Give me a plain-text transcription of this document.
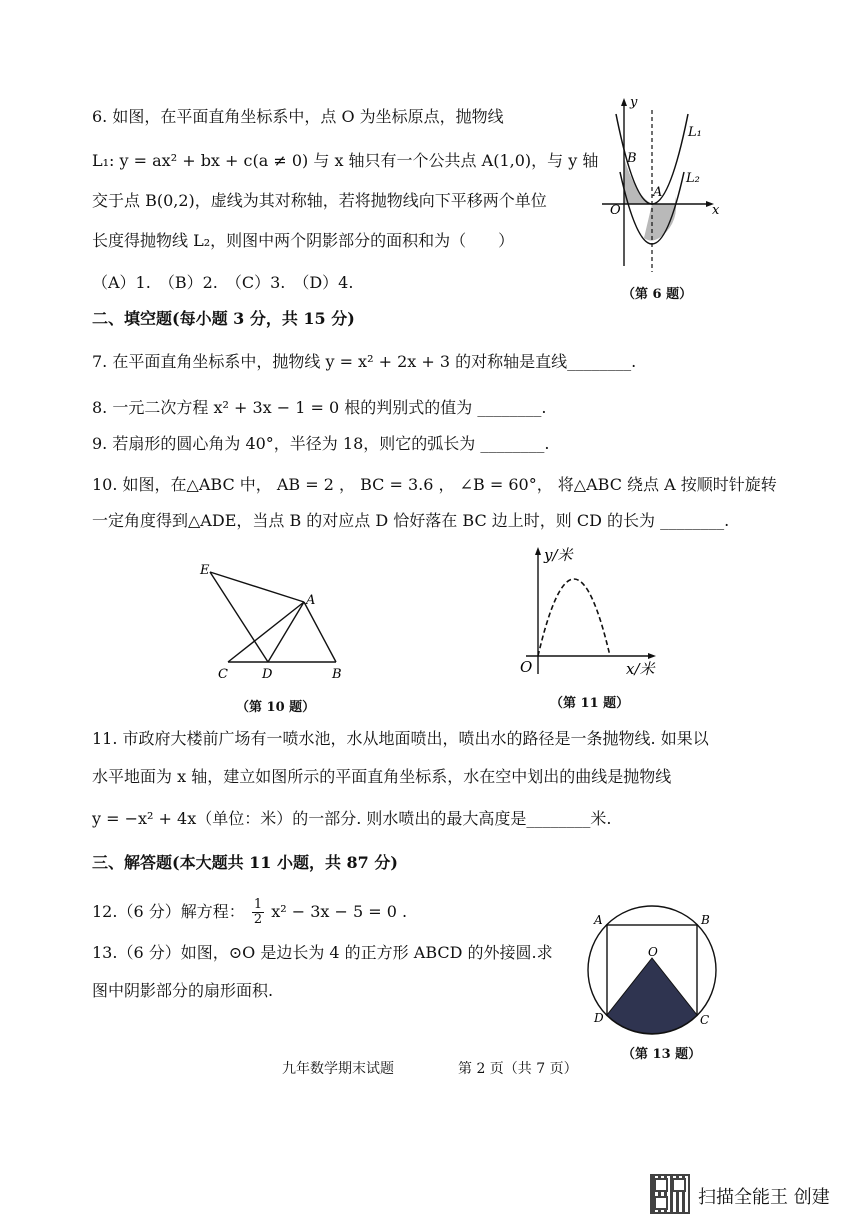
6. 如图，在平面直角坐标系中，点 O 为坐标原点，抛物线
L₁: y = ax² + bx + c(a ≠ 0) 与 x 轴只有一个公共点 A(1,0)，与 y 轴
交于点 B(0,2)，虚线为其对称轴，若将抛物线向下平移两个单位
长度得抛物线 L₂，则图中两个阴影部分的面积和为（　　）
（A）1.　（B）2.　（C）3.　（D）4.
y
x
O
B
A
L₁
L₂
（第 6 题）
二、填空题(每小题 3 分，共 15 分)
7. 在平面直角坐标系中，抛物线 y = x² + 2x + 3 的对称轴是直线________.
8. 一元二次方程 x² + 3x − 1 = 0 根的判别式的值为 ________.
9. 若扇形的圆心角为 40°，半径为 18，则它的弧长为 ________.
10. 如图，在△ABC 中， AB = 2 ， BC = 3.6 ， ∠B = 60°， 将△ABC 绕点 A 按顺时针旋转
一定角度得到△ADE，当点 B 的对应点 D 恰好落在 BC 边上时，则 CD 的长为 ________.
E
A
C	D	B
（第 10 题）
y/米
x/米
O
（第 11 题）
11. 市政府大楼前广场有一喷水池，水从地面喷出，喷出水的路径是一条抛物线. 如果以
水平地面为 x 轴，建立如图所示的平面直角坐标系，水在空中划出的曲线是抛物线
y = −x² + 4x（单位：米）的一部分. 则水喷出的最大高度是________米.
三、解答题(本大题共 11 小题，共 87 分)
12.（6 分）解方程： $\frac{1}{2} x^2 - 3x - 5 = 0$ .
13.（6 分）如图，⊙O 是边长为 4 的正方形 ABCD 的外接圆.求
图中阴影部分的扇形面积.
A	B
O
D	C
（第 13 题）
九年数学期末试题	第 2 页（共 7 页）
扫描全能王 创建
